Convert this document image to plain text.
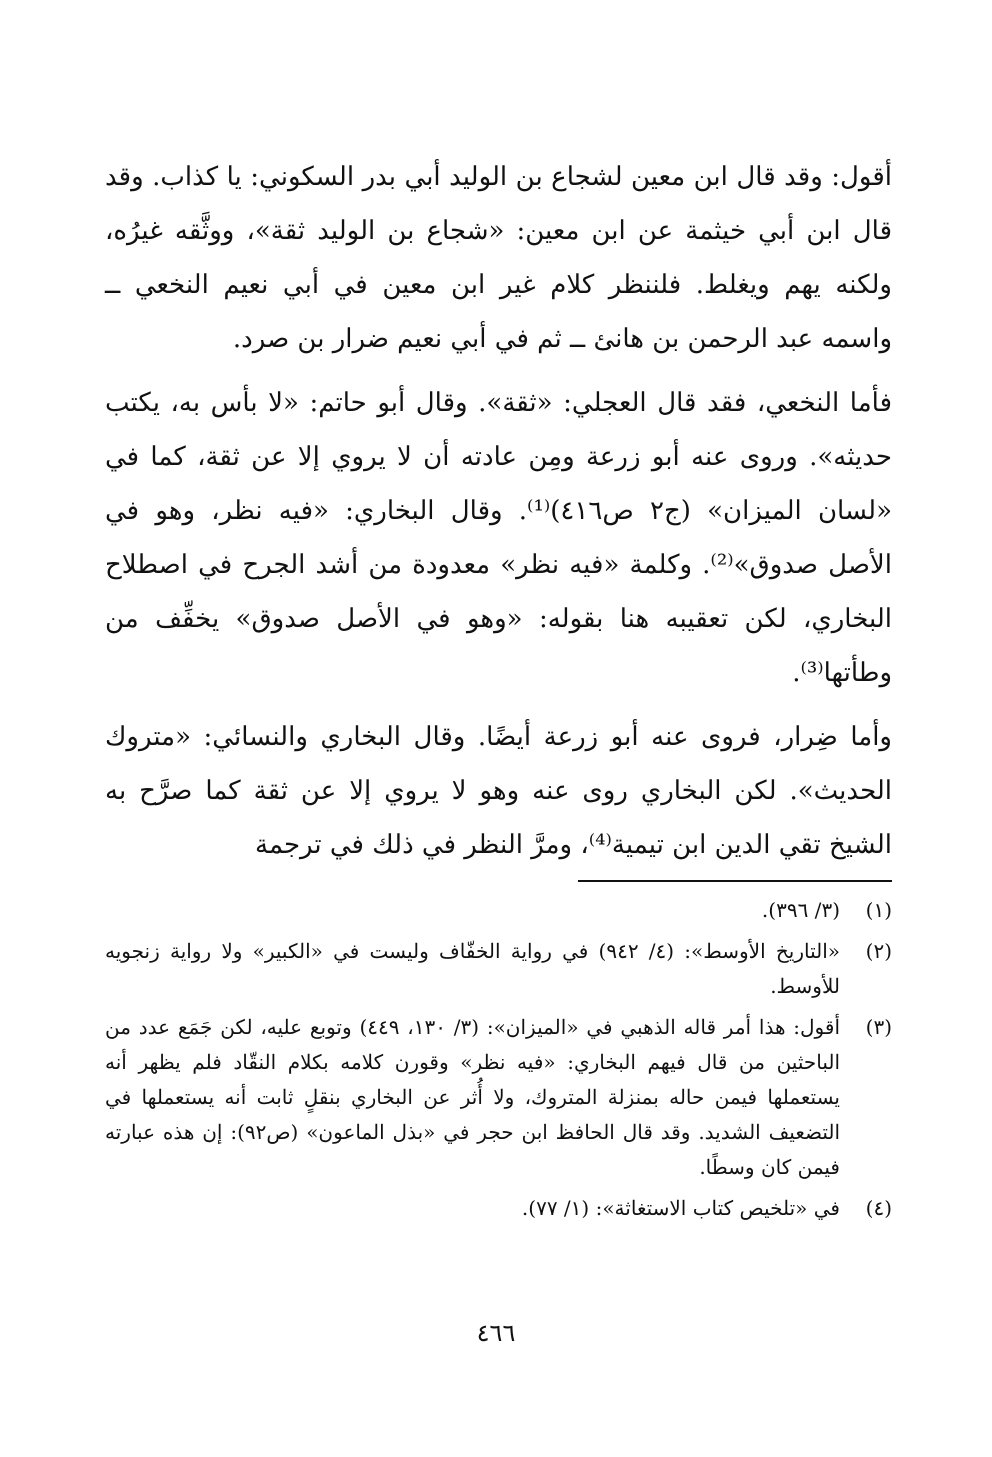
أقول: وقد قال ابن معين لشجاع بن الوليد أبي بدر السكوني: يا كذاب. وقد قال ابن أبي خيثمة عن ابن معين: «شجاع بن الوليد ثقة»، ووثَّقه غيرُه، ولكنه يهم ويغلط. فلننظر كلام غير ابن معين في أبي نعيم النخعي ــ واسمه عبد الرحمن بن هانئ ــ ثم في أبي نعيم ضرار بن صرد.

فأما النخعي، فقد قال العجلي: «ثقة». وقال أبو حاتم: «لا بأس به، يكتب حديثه». وروى عنه أبو زرعة ومِن عادته أن لا يروي إلا عن ثقة، كما في «لسان الميزان» (ج٢ ص٤١٦)⁽¹⁾. وقال البخاري: «فيه نظر، وهو في الأصل صدوق»⁽²⁾. وكلمة «فيه نظر» معدودة من أشد الجرح في اصطلاح البخاري، لكن تعقيبه هنا بقوله: «وهو في الأصل صدوق» يخفِّف من وطأتها⁽³⁾.

وأما ضِرار، فروى عنه أبو زرعة أيضًا. وقال البخاري والنسائي: «متروك الحديث». لكن البخاري روى عنه وهو لا يروي إلا عن ثقة كما صرَّح به الشيخ تقي الدين ابن تيمية⁽⁴⁾، ومرَّ النظر في ذلك في ترجمة

(١)
(٣/ ٣٩٦).
(٢)
«التاريخ الأوسط»: (٤/ ٩٤٢) في رواية الخفّاف وليست في «الكبير» ولا رواية زنجويه للأوسط.
(٣)
أقول: هذا أمر قاله الذهبي في «الميزان»: (٣/ ١٣٠، ٤٤٩) وتوبع عليه، لكن جَمَع عدد من الباحثين من قال فيهم البخاري: «فيه نظر» وقورن كلامه بكلام النقّاد فلم يظهر أنه يستعملها فيمن حاله بمنزلة المتروك، ولا أُثر عن البخاري بنقلٍ ثابت أنه يستعملها في التضعيف الشديد. وقد قال الحافظ ابن حجر في «بذل الماعون» (ص٩٢): إن هذه عبارته فيمن كان وسطًا.
(٤)
في «تلخيص كتاب الاستغاثة»: (١/ ٧٧).
٤٦٦
